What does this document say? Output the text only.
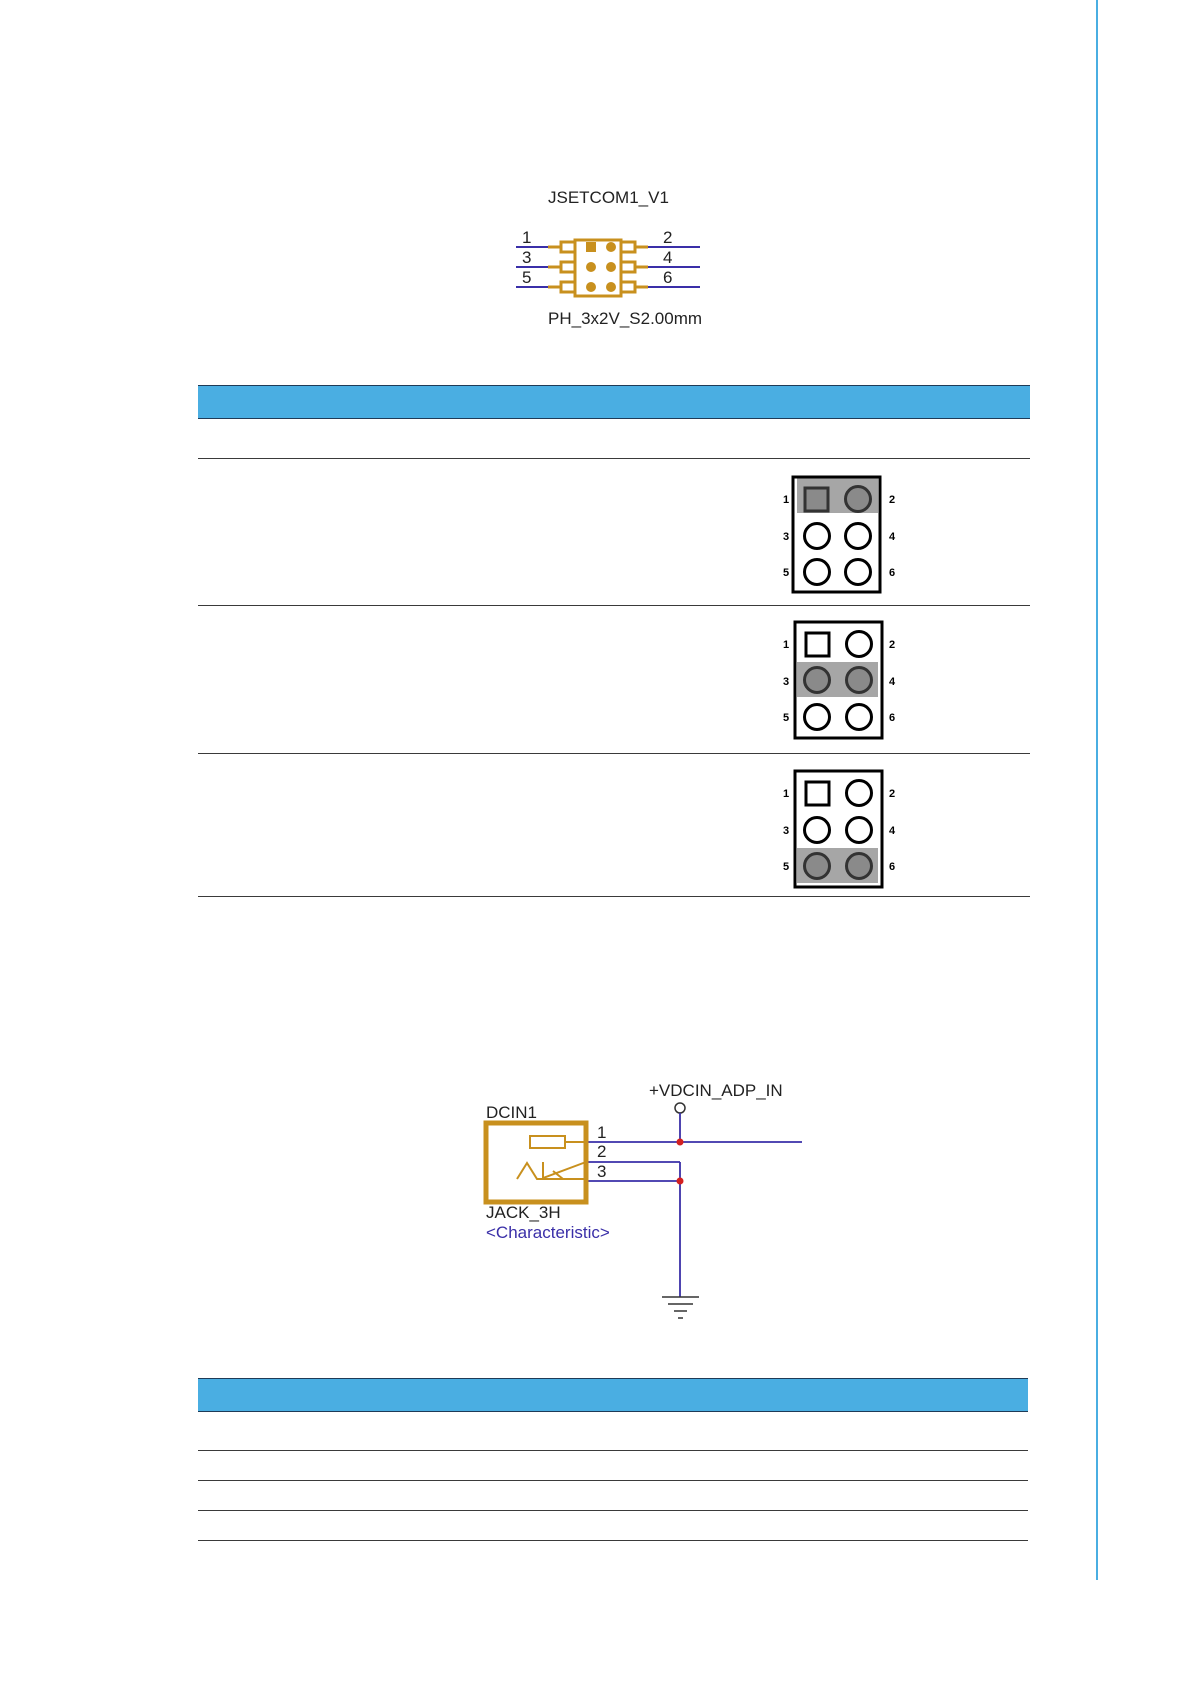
JSETCOM1_V1
1
3
5
2
4
6
PH_3x2V_S2.00mm
1	2
3	4
5	6
1	2
3	4
5	6
1	2
3	4
5	6
+VDCIN_ADP_IN
DCIN1
1
2
3
JACK_3H
<Characteristic>
